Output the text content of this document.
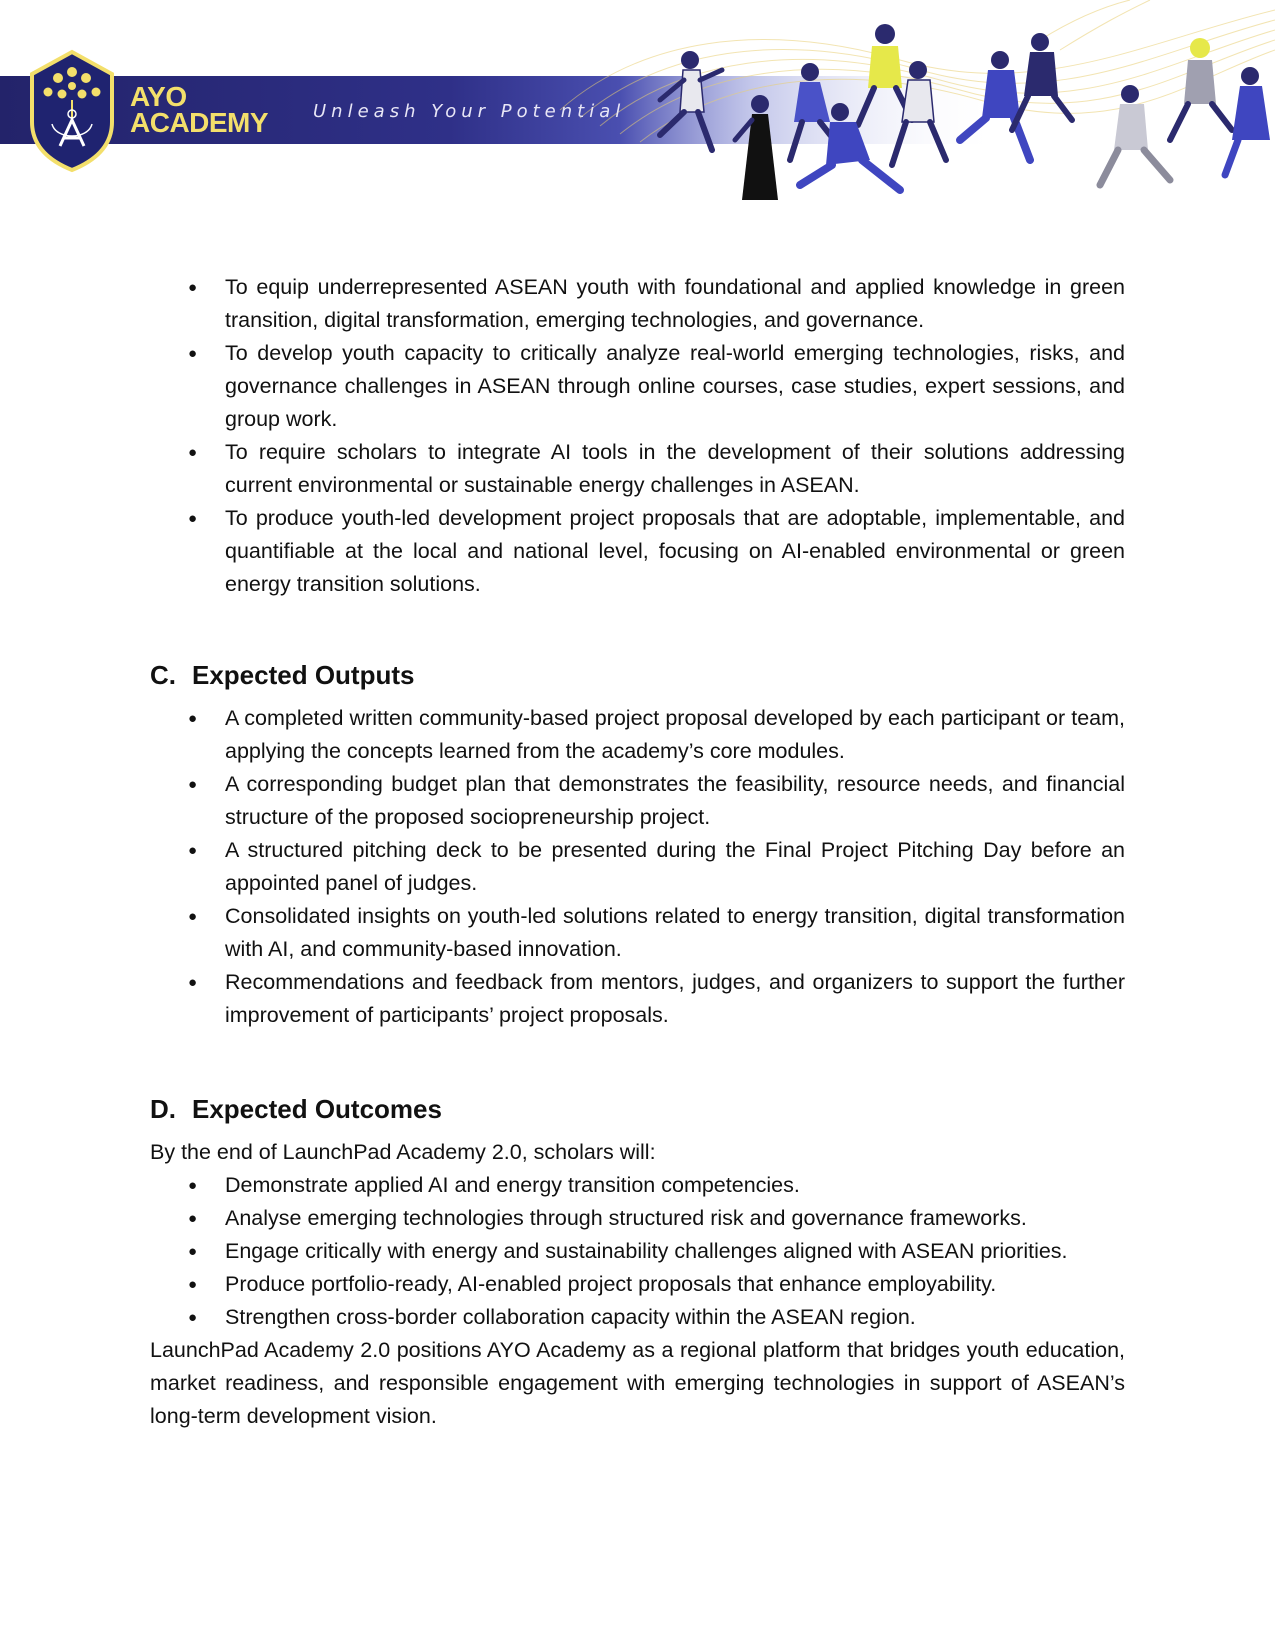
AYO
ACADEMY Unleash Your Potential
● To equip underrepresented ASEAN youth with foundational and applied knowledge in green transition, digital transformation, emerging technologies, and governance.
● To develop youth capacity to critically analyze real-world emerging technologies, risks, and governance challenges in ASEAN through online courses, case studies, expert sessions, and group work.
● To require scholars to integrate AI tools in the development of their solutions addressing current environmental or sustainable energy challenges in ASEAN.
● To produce youth-led development project proposals that are adoptable, implementable, and quantifiable at the local and national level, focusing on AI-enabled environmental or green energy transition solutions.
C. Expected Outputs
● A completed written community-based project proposal developed by each participant or team, applying the concepts learned from the academy’s core modules.
● A corresponding budget plan that demonstrates the feasibility, resource needs, and financial structure of the proposed sociopreneurship project.
● A structured pitching deck to be presented during the Final Project Pitching Day before an appointed panel of judges.
● Consolidated insights on youth-led solutions related to energy transition, digital transformation with AI, and community-based innovation.
● Recommendations and feedback from mentors, judges, and organizers to support the further improvement of participants’ project proposals.
D. Expected Outcomes

By the end of LaunchPad Academy 2.0, scholars will:

● Demonstrate applied AI and energy transition competencies.
● Analyse emerging technologies through structured risk and governance frameworks.
● Engage critically with energy and sustainability challenges aligned with ASEAN priorities.
● Produce portfolio-ready, AI-enabled project proposals that enhance employability.
● Strengthen cross-border collaboration capacity within the ASEAN region.

LaunchPad Academy 2.0 positions AYO Academy as a regional platform that bridges youth education, market readiness, and responsible engagement with emerging technologies in support of ASEAN’s long-term development vision.
